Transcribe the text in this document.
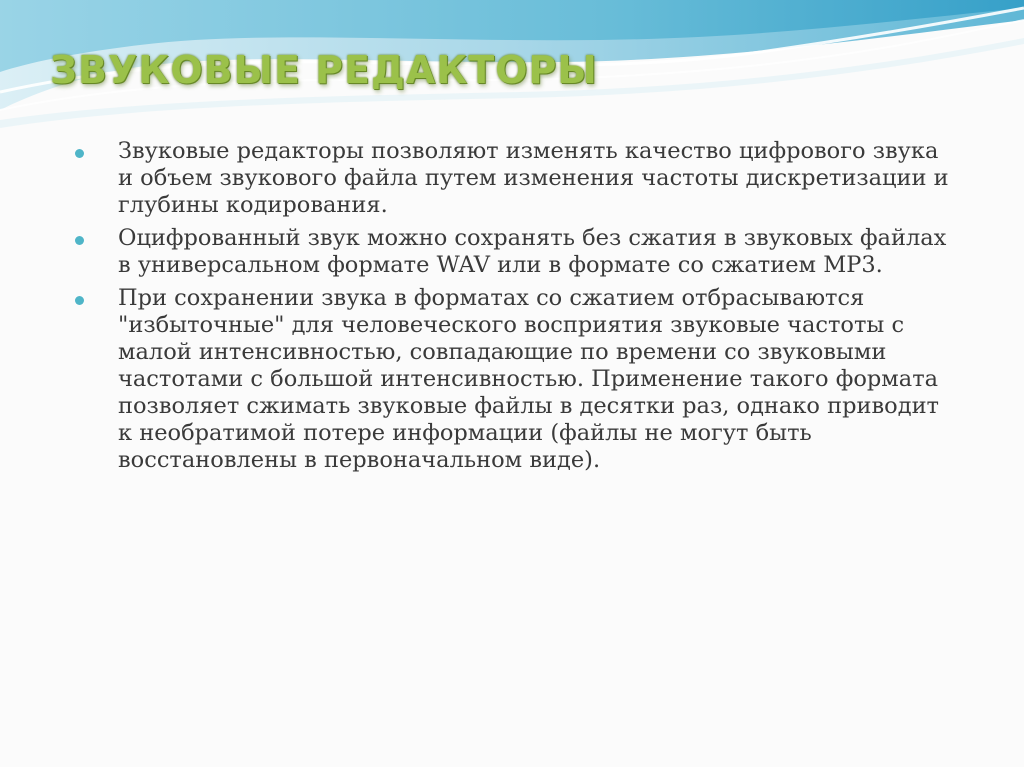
ЗВУКОВЫЕ РЕДАКТОРЫ
Звуковые редакторы позволяют изменять качество цифрового звука и объем звукового файла путем изменения частоты дискретизации и глубины кодирования.
Оцифрованный звук можно сохранять без сжатия в звуковых файлах в универсальном формате WAV или в формате со сжатием MP3.
При сохранении звука в форматах со сжатием отбрасываются "избыточные" для человеческого восприятия звуковые частоты с малой интенсивностью, совпадающие по времени со звуковыми частотами с большой интенсивностью. Применение такого формата позволяет сжимать звуковые файлы в десятки раз, однако приводит к необратимой потере информации (файлы не могут быть восстановлены в первоначальном виде).
